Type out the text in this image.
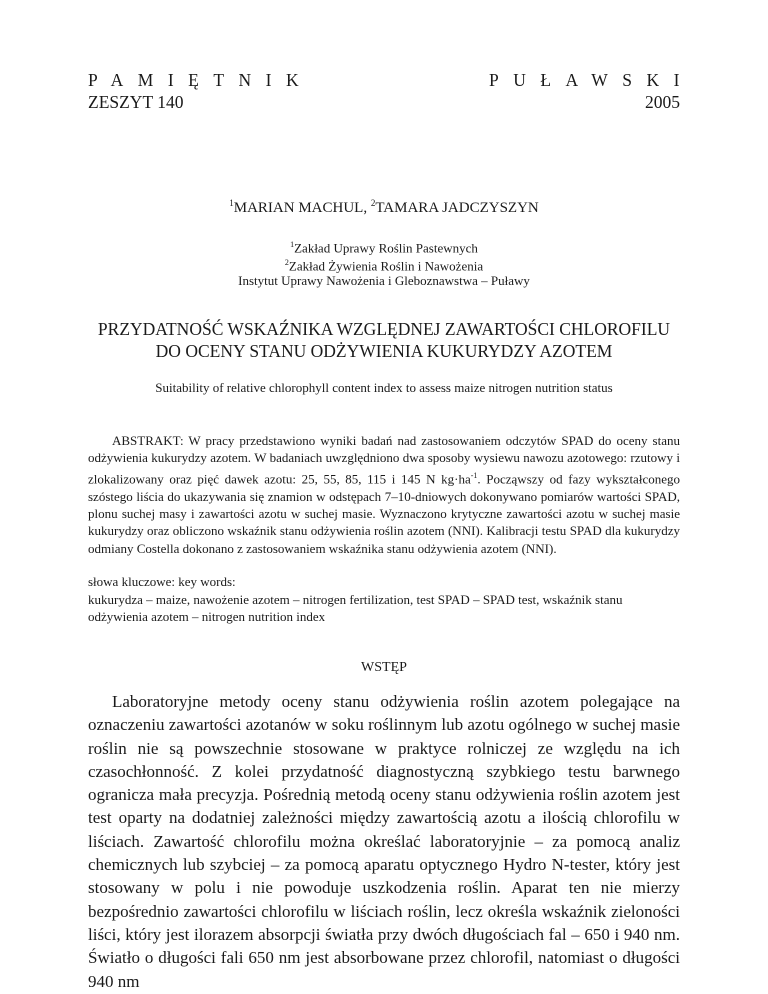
PAMIĘTNIK	PUŁAWSKI
ZESZYT 140	2005
$^1$MARIAN MACHUL, $^2$TAMARA JADCZYSZYN
$^1$Zakład Uprawy Roślin Pastewnych
$^2$Zakład Żywienia Roślin i Nawożenia
Instytut Uprawy Nawożenia i Gleboznawstwa – Puławy
PRZYDATNOŚĆ WSKAŹNIKA WZGLĘDNEJ ZAWARTOŚCI CHLOROFILU
DO OCENY STANU ODŻYWIENIA KUKURYDZY AZOTEM
Suitability of relative chlorophyll content index to assess maize nitrogen nutrition status

ABSTRAKT: W pracy przedstawiono wyniki badań nad zastosowaniem odczytów SPAD do oceny stanu odżywienia kukurydzy azotem. W badaniach uwzględniono dwa sposoby wysiewu nawozu azotowego: rzutowy i zlokalizowany oraz pięć dawek azotu: 25, 55, 85, 115 i 145 N $kg\cdot ha^{-1}$. Począwszy od fazy wykształconego szóstego liścia do ukazywania się znamion w odstępach 7–10-dniowych dokonywano pomiarów wartości SPAD, plonu suchej masy i zawartości azotu w suchej masie. Wyznaczono krytyczne zawartości azotu w suchej masie kukurydzy oraz obliczono wskaźnik stanu odżywienia roślin azotem (NNI). Kalibracji testu SPAD dla kukurydzy odmiany Costella dokonano z zastosowaniem wskaźnika stanu odżywienia azotem (NNI).

słowa kluczowe: key words:

kukurydza – maize, nawożenie azotem – nitrogen fertilization, test SPAD – SPAD test, wskaźnik stanu odżywienia azotem – nitrogen nutrition index

WSTĘP

Laboratoryjne metody oceny stanu odżywienia roślin azotem polegające na oznaczeniu zawartości azotanów w soku roślinnym lub azotu ogólnego w suchej masie roślin nie są powszechnie stosowane w praktyce rolniczej ze względu na ich czasochłonność. Z kolei przydatność diagnostyczną szybkiego testu barwnego ogranicza mała precyzja. Pośrednią metodą oceny stanu odżywienia roślin azotem jest test oparty na dodatniej zależności między zawartością azotu a ilością chlorofilu w liściach. Zawartość chlorofilu można określać laboratoryjnie – za pomocą analiz chemicznych lub szybciej – za pomocą aparatu optycznego Hydro N-tester, który jest stosowany w polu i nie powoduje uszkodzenia roślin. Aparat ten nie mierzy bezpośrednio zawartości chlorofilu w liściach roślin, lecz określa wskaźnik zieloności liści, który jest ilorazem absorpcji światła przy dwóch długościach fal – 650 i 940 nm. Światło o długości fali 650 nm jest absorbowane przez chlorofil, natomiast o długości 940 nm
